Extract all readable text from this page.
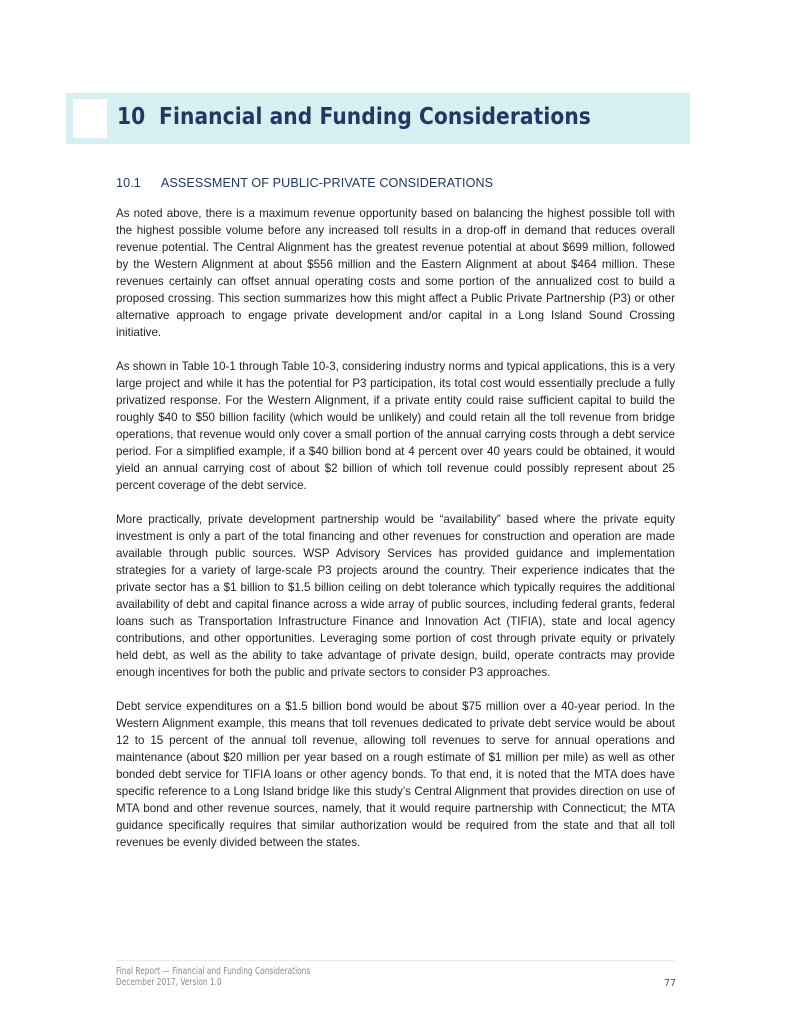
10 Financial and Funding Considerations
10.1 ASSESSMENT OF PUBLIC-PRIVATE CONSIDERATIONS

As noted above, there is a maximum revenue opportunity based on balancing the highest possible toll with the highest possible volume before any increased toll results in a drop-off in demand that reduces overall revenue potential. The Central Alignment has the greatest revenue potential at about $699 million, followed by the Western Alignment at about $556 million and the Eastern Alignment at about $464 million. These revenues certainly can offset annual operating costs and some portion of the annualized cost to build a proposed crossing. This section summarizes how this might affect a Public Private Partnership (P3) or other alternative approach to engage private development and/or capital in a Long Island Sound Crossing initiative.

As shown in Table 10-1 through Table 10-3, considering industry norms and typical applications, this is a very large project and while it has the potential for P3 participation, its total cost would essentially preclude a fully privatized response. For the Western Alignment, if a private entity could raise sufficient capital to build the roughly $40 to $50 billion facility (which would be unlikely) and could retain all the toll revenue from bridge operations, that revenue would only cover a small portion of the annual carrying costs through a debt service period. For a simplified example, if a $40 billion bond at 4 percent over 40 years could be obtained, it would yield an annual carrying cost of about $2 billion of which toll revenue could possibly represent about 25 percent coverage of the debt service.

More practically, private development partnership would be “availability” based where the private equity investment is only a part of the total financing and other revenues for construction and operation are made available through public sources. WSP Advisory Services has provided guidance and implementation strategies for a variety of large-scale P3 projects around the country. Their experience indicates that the private sector has a $1 billion to $1.5 billion ceiling on debt tolerance which typically requires the additional availability of debt and capital finance across a wide array of public sources, including federal grants, federal loans such as Transportation Infrastructure Finance and Innovation Act (TIFIA), state and local agency contributions, and other opportunities. Leveraging some portion of cost through private equity or privately held debt, as well as the ability to take advantage of private design, build, operate contracts may provide enough incentives for both the public and private sectors to consider P3 approaches.

Debt service expenditures on a $1.5 billion bond would be about $75 million over a 40-year period. In the Western Alignment example, this means that toll revenues dedicated to private debt service would be about 12 to 15 percent of the annual toll revenue, allowing toll revenues to serve for annual operations and maintenance (about $20 million per year based on a rough estimate of $1 million per mile) as well as other bonded debt service for TIFIA loans or other agency bonds. To that end, it is noted that the MTA does have specific reference to a Long Island bridge like this study’s Central Alignment that provides direction on use of MTA bond and other revenue sources, namely, that it would require partnership with Connecticut; the MTA guidance specifically requires that similar authorization would be required from the state and that all toll revenues be evenly divided between the states.

Final Report — Financial and Funding Considerations
December 2017, Version 1.0	77
